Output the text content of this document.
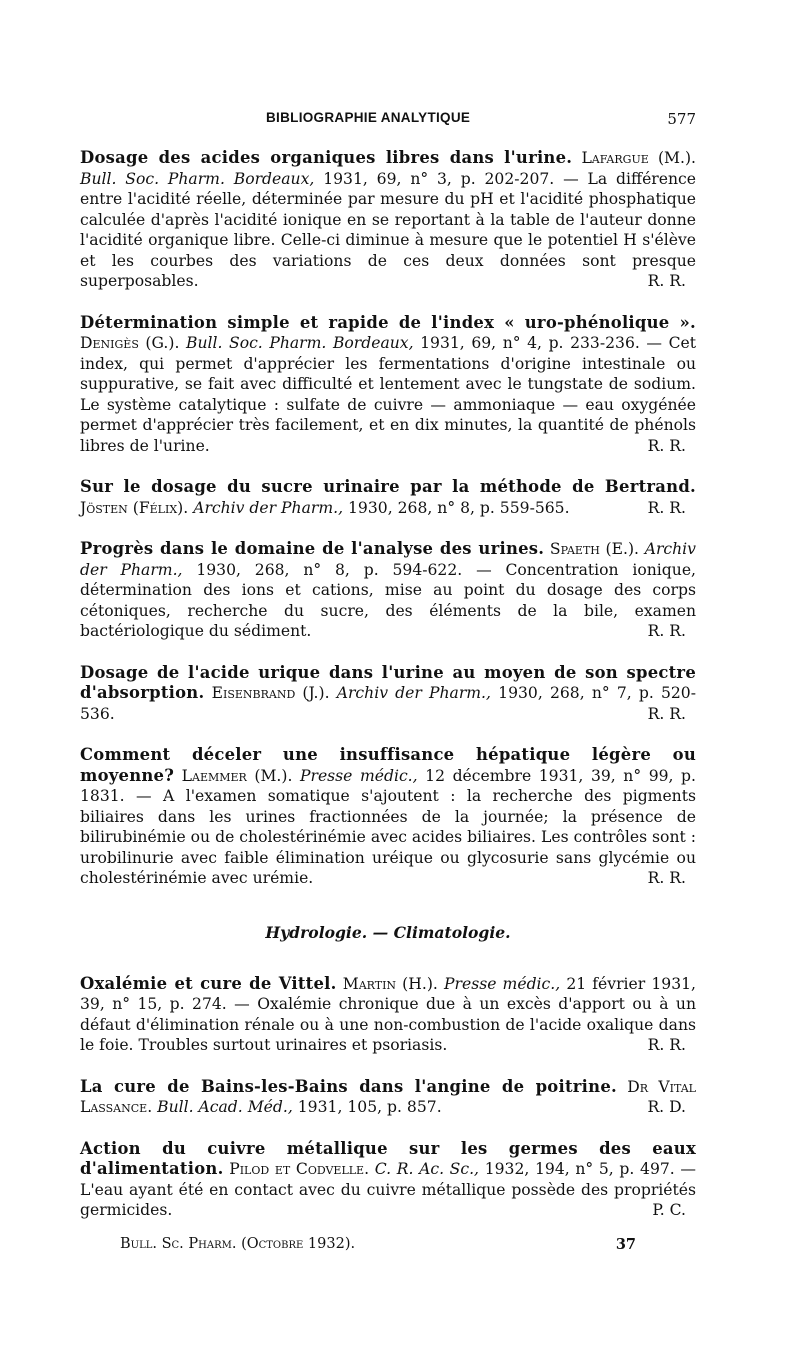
BIBLIOGRAPHIE ANALYTIQUE	577
Dosage des acides organiques libres dans l'urine. Lafargue (M.). Bull. Soc. Pharm. Bordeaux, 1931, 69, n° 3, p. 202-207. — La différence entre l'acidité réelle, déterminée par mesure du pH et l'acidité phosphatique calculée d'après l'acidité ionique en se reportant à la table de l'auteur donne l'acidité organique libre. Celle-ci diminue à mesure que le potentiel H s'élève et les courbes des variations de ces deux données sont presque superposables.	R. R.
Détermination simple et rapide de l'index « uro-phénolique ». Denigès (G.). Bull. Soc. Pharm. Bordeaux, 1931, 69, n° 4, p. 233-236. — Cet index, qui permet d'apprécier les fermentations d'origine intestinale ou suppurative, se fait avec difficulté et lentement avec le tungstate de sodium. Le système catalytique : sulfate de cuivre — ammoniaque — eau oxygénée permet d'apprécier très facilement, et en dix minutes, la quantité de phénols libres de l'urine.	R. R.
Sur le dosage du sucre urinaire par la méthode de Bertrand. Jösten (Félix). Archiv der Pharm., 1930, 268, n° 8, p. 559-565.	R. R.
Progrès dans le domaine de l'analyse des urines. Spaeth (E.). Archiv der Pharm., 1930, 268, n° 8, p. 594-622. — Concentration ionique, détermination des ions et cations, mise au point du dosage des corps cétoniques, recherche du sucre, des éléments de la bile, examen bactériologique du sédiment.	R. R.
Dosage de l'acide urique dans l'urine au moyen de son spectre d'absorption. Eisenbrand (J.). Archiv der Pharm., 1930, 268, n° 7, p. 520-536.	R. R.
Comment déceler une insuffisance hépatique légère ou moyenne? Laemmer (M.). Presse médic., 12 décembre 1931, 39, n° 99, p. 1831. — A l'examen somatique s'ajoutent : la recherche des pigments biliaires dans les urines fractionnées de la journée; la présence de bilirubinémie ou de cholestérinémie avec acides biliaires. Les contrôles sont : urobilinurie avec faible élimination uréique ou glycosurie sans glycémie ou cholestérinémie avec urémie.	R. R.
Hydrologie. — Climatologie.
Oxalémie et cure de Vittel. Martin (H.). Presse médic., 21 février 1931, 39, n° 15, p. 274. — Oxalémie chronique due à un excès d'apport ou à un défaut d'élimination rénale ou à une non-combustion de l'acide oxalique dans le foie. Troubles surtout urinaires et psoriasis.	R. R.
La cure de Bains-les-Bains dans l'angine de poitrine. Dr Vital Lassance. Bull. Acad. Méd., 1931, 105, p. 857.	R. D.
Action du cuivre métallique sur les germes des eaux d'alimentation. Pilod et Codvelle. C. R. Ac. Sc., 1932, 194, n° 5, p. 497. — L'eau ayant été en contact avec du cuivre métallique possède des propriétés germicides.	P. C.
Bull. Sc. Pharm. (Octobre 1932).	37
